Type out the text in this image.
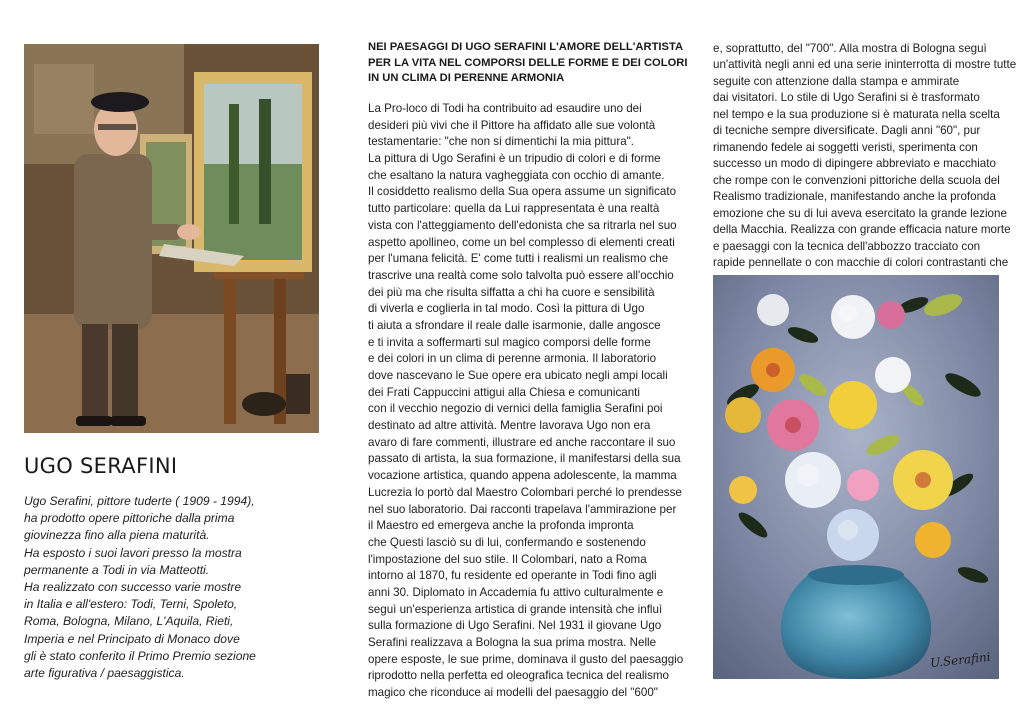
UGO SERAFINI
Ugo Serafini, pittore tuderte ( 1909 - 1994),
ha prodotto opere pittoriche dalla prima
giovinezza fino alla piena maturità.
Ha esposto i suoi lavori presso la mostra
permanente a Todi in via Matteotti.
Ha realizzato con successo varie mostre
in Italia e all'estero: Todi, Terni, Spoleto,
Roma, Bologna, Milano, L'Aquila, Rieti,
Imperia e nel Principato di Monaco dove
gli è stato conferito il Primo Premio sezione
arte figurativa / paesaggistica.
NEI PAESAGGI DI UGO SERAFINI L'AMORE DELL'ARTISTA
PER LA VITA NEL COMPORSI DELLE FORME E DEI COLORI
IN UN CLIMA DI PERENNE ARMONIA
La Pro-loco di Todi ha contribuito ad esaudire uno dei
desideri più vivi che il Pittore ha affidato alle sue volontà
testamentarie: "che non si dimentichi la mia pittura".
La pittura di Ugo Serafini è un tripudio di colori e di forme
che esaltano la natura vagheggiata con occhio di amante.
Il cosiddetto realismo della Sua opera assume un significato
tutto particolare: quella da Lui rappresentata è una realtà
vista con l'atteggiamento dell'edonista che sa ritrarla nel suo
aspetto apollineo, come un bel complesso di elementi creati
per l'umana felicità. E' come tutti i realismi un realismo che
trascrive una realtà come solo talvolta può essere all'occhio
dei più ma che risulta siffatta a chi ha cuore e sensibilità
di viverla e coglierla in tal modo. Così la pittura di Ugo
ti aiuta a sfrondare il reale dalle isarmonie, dalle angosce
e ti invita a soffermarti sul magico comporsi delle forme
e dei colori in un clima di perenne armonia. Il laboratorio
dove nascevano le Sue opere era ubicato negli ampi locali
dei Frati Cappuccini attigui alla Chiesa e comunicanti
con il vecchio negozio di vernici della famiglia Serafini poi
destinato ad altre attività. Mentre lavorava Ugo non era
avaro di fare commenti, illustrare ed anche raccontare il suo
passato di artista, la sua formazione, il manifestarsi della sua
vocazione artistica, quando appena adolescente, la mamma
Lucrezia lo portò dal Maestro Colombari perché lo prendesse
nel suo laboratorio. Dai racconti trapelava l'ammirazione per
il Maestro ed emergeva anche la profonda impronta
che Questi lasciò su di lui, confermando e sostenendo
l'impostazione del suo stile. Il Colombari, nato a Roma
intorno al 1870, fu residente ed operante in Todi fino agli
anni 30. Diplomato in Accademia fu attivo culturalmente e
seguì un'esperienza artistica di grande intensità che influì
sulla formazione di Ugo Serafini. Nel 1931 il giovane Ugo
Serafini realizzava a Bologna la sua prima mostra. Nelle
opere esposte, le sue prime, dominava il gusto del paesaggio
riprodotto nella perfetta ed oleografica tecnica del realismo
magico che riconduce ai modelli del paesaggio del "600"
e, soprattutto, del "700". Alla mostra di Bologna seguì
un'attività negli anni ed una serie ininterrotta di mostre tutte
seguite con attenzione dalla stampa e ammirate
dai visitatori. Lo stile di Ugo Serafini si è trasformato
nel tempo e la sua produzione si è maturata nella scelta
di tecniche sempre diversificate. Dagli anni "60", pur
rimanendo fedele ai soggetti veristi, sperimenta con
successo un modo di dipingere abbreviato e macchiato
che rompe con le convenzioni pittoriche della scuola del
Realismo tradizionale, manifestando anche la profonda
emozione che su di lui aveva esercitato la grande lezione
della Macchia. Realizza con grande efficacia nature morte
e paesaggi con la tecnica dell'abbozzo tracciato con
rapide pennellate o con macchie di colori contrastanti che
U.Serafini
